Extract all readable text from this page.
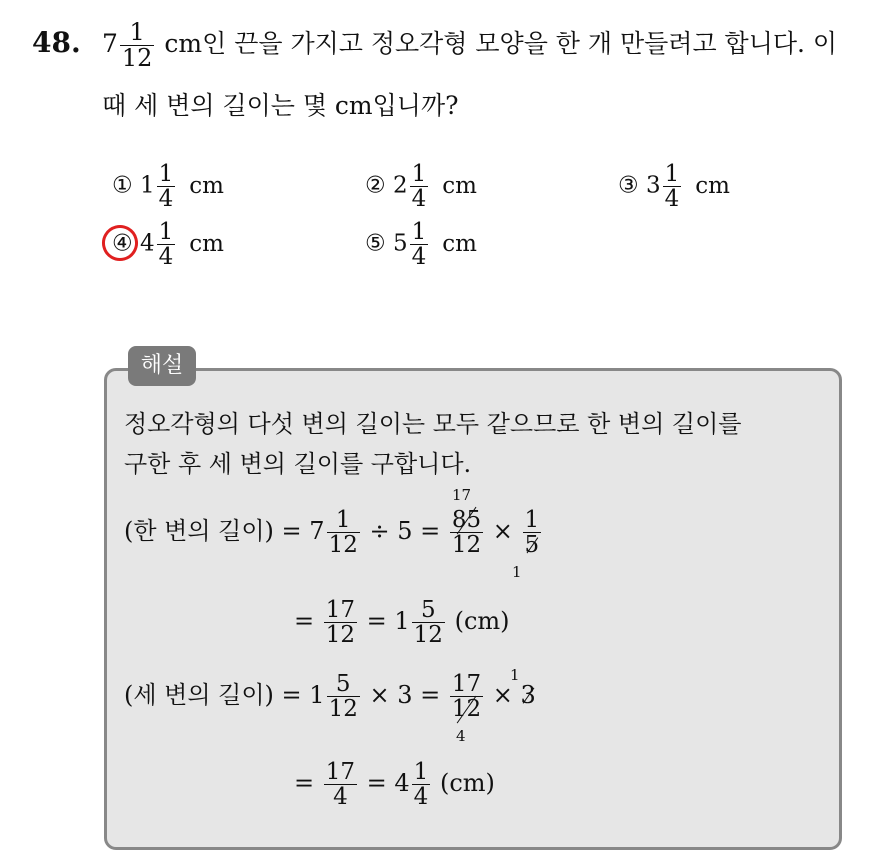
48. $7 \frac{1}{12}$ cm인 끈을 가지고 정오각형 모양을 한 개 만들려고 합니다. 이
때 세 변의 길이는 몇 cm입니까?
① $1 \frac{1}{4}$ cm	② $2 \frac{1}{4}$ cm	③ $3 \frac{1}{4}$ cm
④ $4 \frac{1}{4}$ cm	⑤ $5 \frac{1}{4}$ cm
해설
정오각형의 다섯 변의 길이는 모두 같으므로 한 변의 길이를
구한 후 세 변의 길이를 구합니다.
(한 변의 길이) = $7 \frac{1}{12} \div 5 = \frac{85}{12} \times \frac{1}{5}$
17
1
= $\frac{17}{12} = 1 \frac{5}{12} (cm)$
(세 변의 길이) = $1 \frac{5}{12} \times 3 = \frac{17}{12} \times 3$
1
4
= $\frac{17}{4} = 4 \frac{1}{4} (cm)$
